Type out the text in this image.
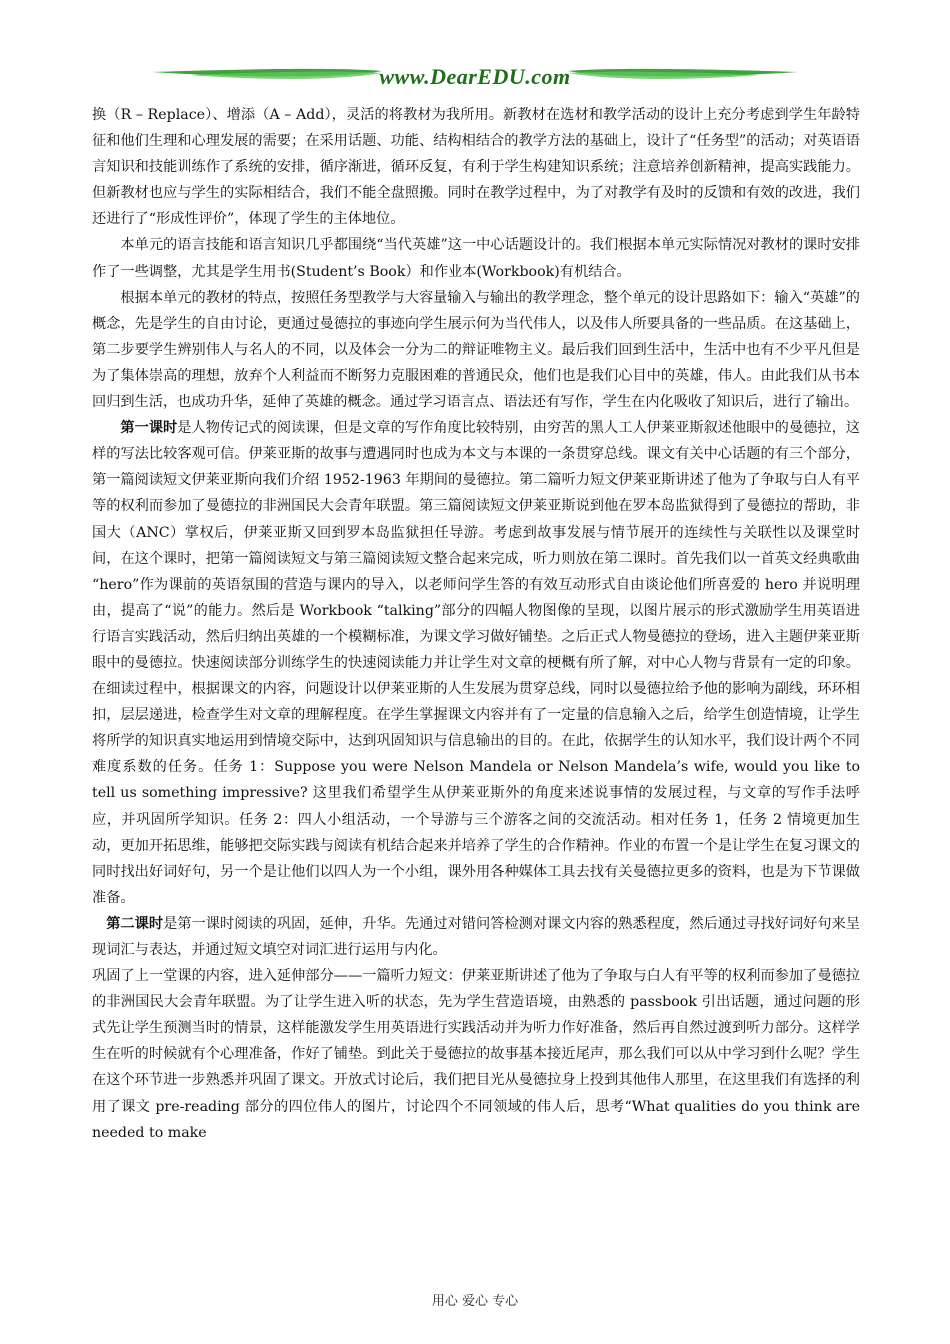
www.DearEDU.com

换（R – Replace）、增添（A – Add），灵活的将教材为我所用。新教材在选材和教学活动的设计上充分考虑到学生年龄特征和他们生理和心理发展的需要；在采用话题、功能、结构相结合的教学方法的基础上，设计了“任务型”的活动；对英语语言知识和技能训练作了系统的安排，循序渐进，循环反复，有利于学生构建知识系统；注意培养创新精神，提高实践能力。但新教材也应与学生的实际相结合，我们不能全盘照搬。同时在教学过程中，为了对教学有及时的反馈和有效的改进，我们还进行了“形成性评价”，体现了学生的主体地位。

本单元的语言技能和语言知识几乎都围绕“当代英雄”这一中心话题设计的。我们根据本单元实际情况对教材的课时安排作了一些调整，尤其是学生用书(Student’s Book）和作业本(Workbook)有机结合。

根据本单元的教材的特点，按照任务型教学与大容量输入与输出的教学理念，整个单元的设计思路如下：输入“英雄”的概念，先是学生的自由讨论，更通过曼德拉的事迹向学生展示何为当代伟人，以及伟人所要具备的一些品质。在这基础上，第二步要学生辨别伟人与名人的不同，以及体会一分为二的辩证唯物主义。最后我们回到生活中，生活中也有不少平凡但是为了集体崇高的理想，放弃个人利益而不断努力克服困难的普通民众，他们也是我们心目中的英雄，伟人。由此我们从书本回归到生活，也成功升华，延伸了英雄的概念。通过学习语言点、语法还有写作，学生在内化吸收了知识后，进行了输出。

第一课时是人物传记式的阅读课，但是文章的写作角度比较特别，由穷苦的黑人工人伊莱亚斯叙述他眼中的曼德拉，这样的写法比较客观可信。伊莱亚斯的故事与遭遇同时也成为本文与本课的一条贯穿总线。课文有关中心话题的有三个部分，第一篇阅读短文伊莱亚斯向我们介绍 1952-1963 年期间的曼德拉。第二篇听力短文伊莱亚斯讲述了他为了争取与白人有平等的权利而参加了曼德拉的非洲国民大会青年联盟。第三篇阅读短文伊莱亚斯说到他在罗本岛监狱得到了曼德拉的帮助，非国大（ANC）掌权后，伊莱亚斯又回到罗本岛监狱担任导游。考虑到故事发展与情节展开的连续性与关联性以及课堂时间，在这个课时，把第一篇阅读短文与第三篇阅读短文整合起来完成，听力则放在第二课时。首先我们以一首英文经典歌曲 “hero”作为课前的英语氛围的营造与课内的导入，以老师问学生答的有效互动形式自由谈论他们所喜爱的 hero 并说明理由，提高了“说”的能力。然后是 Workbook “talking”部分的四幅人物图像的呈现，以图片展示的形式激励学生用英语进行语言实践活动，然后归纳出英雄的一个模糊标准，为课文学习做好铺垫。之后正式人物曼德拉的登场，进入主题伊莱亚斯眼中的曼德拉。快速阅读部分训练学生的快速阅读能力并让学生对文章的梗概有所了解，对中心人物与背景有一定的印象。在细读过程中，根据课文的内容，问题设计以伊莱亚斯的人生发展为贯穿总线，同时以曼德拉给予他的影响为副线，环环相扣，层层递进，检查学生对文章的理解程度。在学生掌握课文内容并有了一定量的信息输入之后，给学生创造情境，让学生将所学的知识真实地运用到情境交际中，达到巩固知识与信息输出的目的。在此，依据学生的认知水平，我们设计两个不同难度系数的任务。任务 1：Suppose you were Nelson Mandela or Nelson Mandela’s wife, would you like to tell us something impressive? 这里我们希望学生从伊莱亚斯外的角度来述说事情的发展过程，与文章的写作手法呼应，并巩固所学知识。任务 2：四人小组活动，一个导游与三个游客之间的交流活动。相对任务 1，任务 2 情境更加生动，更加开拓思维，能够把交际实践与阅读有机结合起来并培养了学生的合作精神。作业的布置一个是让学生在复习课文的同时找出好词好句，另一个是让他们以四人为一个小组，课外用各种媒体工具去找有关曼德拉更多的资料，也是为下节课做准备。

第二课时是第一课时阅读的巩固，延伸，升华。先通过对错问答检测对课文内容的熟悉程度，然后通过寻找好词好句来呈现词汇与表达，并通过短文填空对词汇进行运用与内化。

巩固了上一堂课的内容，进入延伸部分——一篇听力短文：伊莱亚斯讲述了他为了争取与白人有平等的权利而参加了曼德拉的非洲国民大会青年联盟。为了让学生进入听的状态，先为学生营造语境，由熟悉的 passbook 引出话题，通过问题的形式先让学生预测当时的情景，这样能激发学生用英语进行实践活动并为听力作好准备，然后再自然过渡到听力部分。这样学生在听的时候就有个心理准备，作好了铺垫。到此关于曼德拉的故事基本接近尾声，那么我们可以从中学习到什么呢？学生在这个环节进一步熟悉并巩固了课文。开放式讨论后，我们把目光从曼德拉身上投到其他伟人那里，在这里我们有选择的利用了课文 pre-reading 部分的四位伟人的图片，讨论四个不同领域的伟人后，思考“What qualities do you think are needed to make

用心 爱心 专心
